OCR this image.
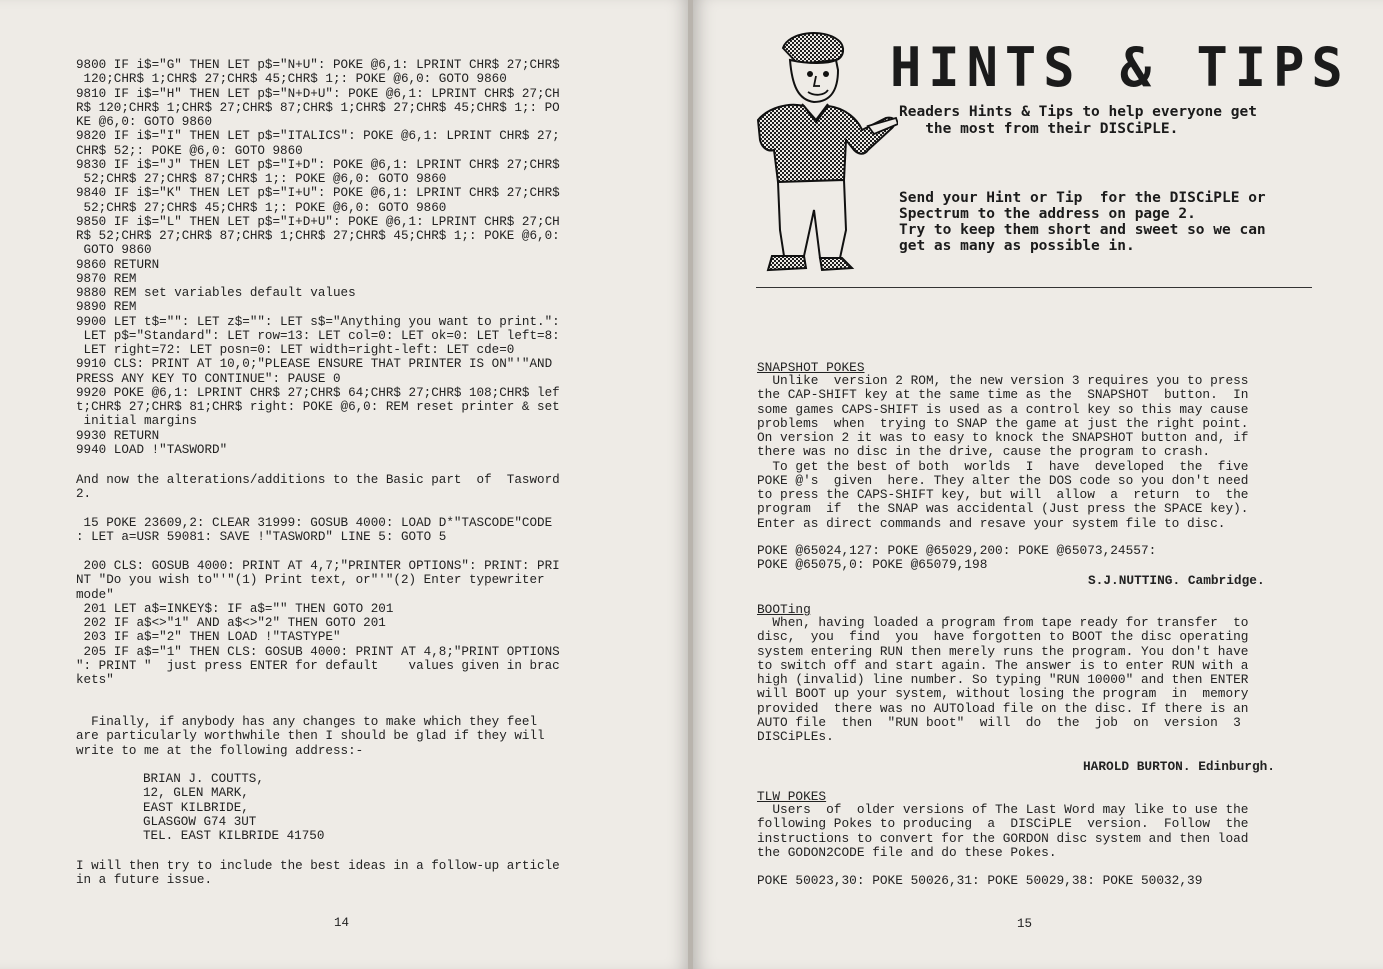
9800 IF i$="G" THEN LET p$="N+U": POKE @6,1: LPRINT CHR$ 27;CHR$
120;CHR$ 1;CHR$ 27;CHR$ 45;CHR$ 1;: POKE @6,0: GOTO 9860
9810 IF i$="H" THEN LET p$="N+D+U": POKE @6,1: LPRINT CHR$ 27;CH
R$ 120;CHR$ 1;CHR$ 27;CHR$ 87;CHR$ 1;CHR$ 27;CHR$ 45;CHR$ 1;: PO
KE @6,0: GOTO 9860
9820 IF i$="I" THEN LET p$="ITALICS": POKE @6,1: LPRINT CHR$ 27;
CHR$ 52;: POKE @6,0: GOTO 9860
9830 IF i$="J" THEN LET p$="I+D": POKE @6,1: LPRINT CHR$ 27;CHR$
52;CHR$ 27;CHR$ 87;CHR$ 1;: POKE @6,0: GOTO 9860
9840 IF i$="K" THEN LET p$="I+U": POKE @6,1: LPRINT CHR$ 27;CHR$
52;CHR$ 27;CHR$ 45;CHR$ 1;: POKE @6,0: GOTO 9860
9850 IF i$="L" THEN LET p$="I+D+U": POKE @6,1: LPRINT CHR$ 27;CH
R$ 52;CHR$ 27;CHR$ 87;CHR$ 1;CHR$ 27;CHR$ 45;CHR$ 1;: POKE @6,0:
GOTO 9860
9860 RETURN
9870 REM
9880 REM set variables default values
9890 REM
9900 LET t$="": LET z$="": LET s$="Anything you want to print.":
LET p$="Standard": LET row=13: LET col=0: LET ok=0: LET left=8:
LET right=72: LET posn=0: LET width=right-left: LET cde=0
9910 CLS: PRINT AT 10,0;"PLEASE ENSURE THAT PRINTER IS ON"'"AND
PRESS ANY KEY TO CONTINUE": PAUSE 0
9920 POKE @6,1: LPRINT CHR$ 27;CHR$ 64;CHR$ 27;CHR$ 108;CHR$ lef
t;CHR$ 27;CHR$ 81;CHR$ right: POKE @6,0: REM reset printer & set
initial margins
9930 RETURN
9940 LOAD !"TASWORD"
And now the alterations/additions to the Basic part  of  Tasword
2.
15 POKE 23609,2: CLEAR 31999: GOSUB 4000: LOAD D*"TASCODE"CODE
: LET a=USR 59081: SAVE !"TASWORD" LINE 5: GOTO 5
200 CLS: GOSUB 4000: PRINT AT 4,7;"PRINTER OPTIONS": PRINT: PRI
NT "Do you wish to"'"(1) Print text, or"'"(2) Enter typewriter
mode"
201 LET a$=INKEY$: IF a$="" THEN GOTO 201
202 IF a$<>"1" AND a$<>"2" THEN GOTO 201
203 IF a$="2" THEN LOAD !"TASTYPE"
205 IF a$="1" THEN CLS: GOSUB 4000: PRINT AT 4,8;"PRINT OPTIONS
": PRINT "  just press ENTER for default    values given in brac
kets"
Finally, if anybody has any changes to make which they feel
are particularly worthwhile then I should be glad if they will
write to me at the following address:-
BRIAN J. COUTTS,
12, GLEN MARK,
EAST KILBRIDE,
GLASGOW G74 3UT
TEL. EAST KILBRIDE 41750
I will then try to include the best ideas in a follow-up article
in a future issue.
14
HINTS & TIPS
Readers Hints & Tips to help everyone get
the most from their DISCiPLE.
Send your Hint or Tip  for the DISCiPLE or
Spectrum to the address on page 2.
Try to keep them short and sweet so we can
get as many as possible in.
SNAPSHOT POKES
Unlike  version 2 ROM, the new version 3 requires you to press
the CAP-SHIFT key at the same time as the  SNAPSHOT  button.  In
some games CAPS-SHIFT is used as a control key so this may cause
problems  when  trying to SNAP the game at just the right point.
On version 2 it was to easy to knock the SNAPSHOT button and, if
there was no disc in the drive, cause the program to crash.
To get the best of both  worlds  I  have  developed  the  five
POKE @'s  given  here. They alter the DOS code so you don't need
to press the CAPS-SHIFT key, but will  allow  a  return  to  the
program  if  the SNAP was accidental (Just press the SPACE key).
Enter as direct commands and resave your system file to disc.
POKE @65024,127: POKE @65029,200: POKE @65073,24557:
POKE @65075,0: POKE @65079,198
S.J.NUTTING. Cambridge.
BOOTing
When, having loaded a program from tape ready for transfer  to
disc,  you  find  you  have forgotten to BOOT the disc operating
system entering RUN then merely runs the program. You don't have
to switch off and start again. The answer is to enter RUN with a
high (invalid) line number. So typing "RUN 10000" and then ENTER
will BOOT up your system, without losing the program  in  memory
provided  there was no AUTOload file on the disc. If there is an
AUTO file  then  "RUN boot"  will  do  the  job  on  version  3
DISCiPLEs.
HAROLD BURTON. Edinburgh.
TLW POKES
Users  of  older versions of The Last Word may like to use the
following Pokes to producing  a  DISCiPLE  version.  Follow  the
instructions to convert for the GORDON disc system and then load
the GODON2CODE file and do these Pokes.
POKE 50023,30: POKE 50026,31: POKE 50029,38: POKE 50032,39
15
